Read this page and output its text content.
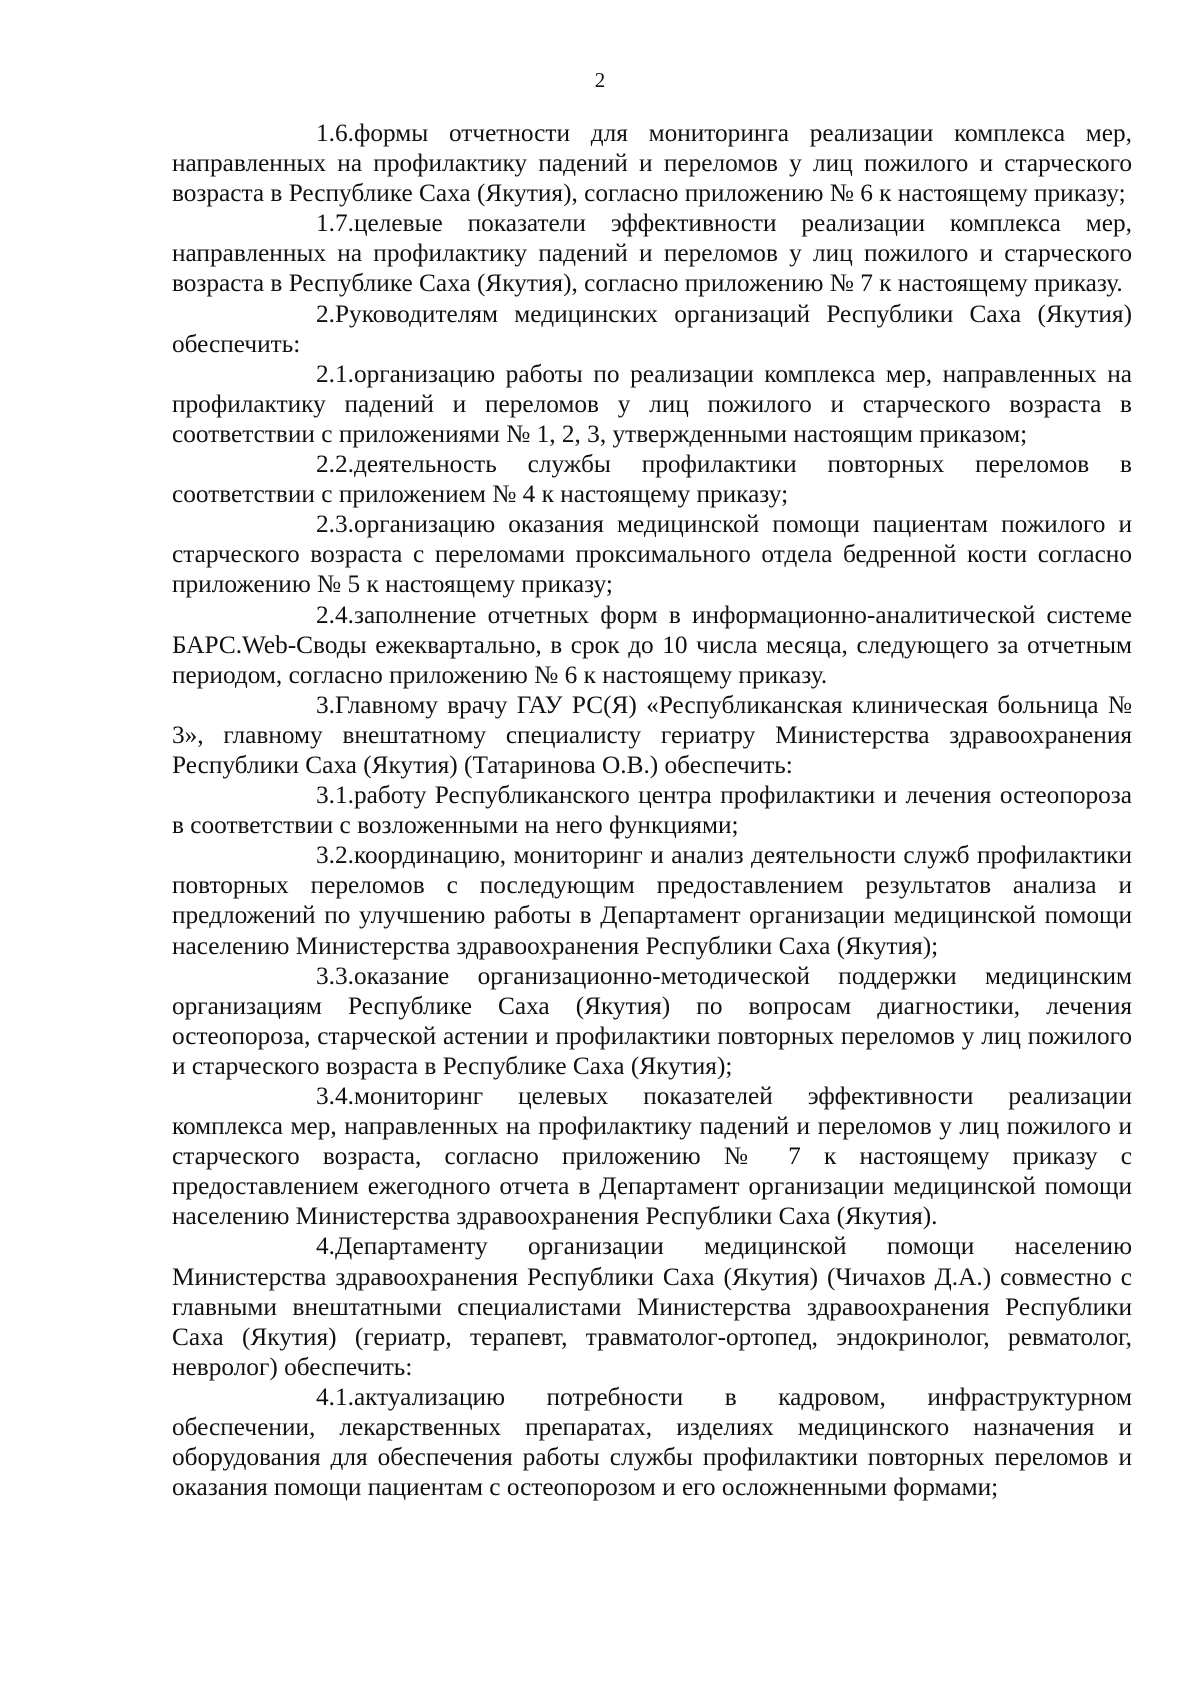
2

1.6.формы отчетности для мониторинга реализации комплекса мер, направленных на профилактику падений и переломов у лиц пожилого и старческого возраста в Республике Саха (Якутия), согласно приложению № 6 к настоящему приказу;

1.7.целевые показатели эффективности реализации комплекса мер, направленных на профилактику падений и переломов у лиц пожилого и старческого возраста в Республике Саха (Якутия), согласно приложению № 7 к настоящему приказу.

2.Руководителям медицинских организаций Республики Саха (Якутия) обеспечить:

2.1.организацию работы по реализации комплекса мер, направленных на профилактику падений и переломов у лиц пожилого и старческого возраста в соответствии с приложениями № 1, 2, 3, утвержденными настоящим приказом;

2.2.деятельность службы профилактики повторных переломов в соответствии с приложением № 4 к настоящему приказу;

2.3.организацию оказания медицинской помощи пациентам пожилого и старческого возраста с переломами проксимального отдела бедренной кости согласно приложению № 5 к настоящему приказу;

2.4.заполнение отчетных форм в информационно-аналитической системе БАРС.Web-Своды ежеквартально, в срок до 10 числа месяца, следующего за отчетным периодом, согласно приложению № 6 к настоящему приказу.

3.Главному врачу ГАУ РС(Я) «Республиканская клиническая больница № 3», главному внештатному специалисту гериатру Министерства здравоохранения Республики Саха (Якутия) (Татаринова О.В.) обеспечить:

3.1.работу Республиканского центра профилактики и лечения остеопороза в соответствии с возложенными на него функциями;

3.2.координацию, мониторинг и анализ деятельности служб профилактики повторных переломов с последующим предоставлением результатов анализа и предложений по улучшению работы в Департамент организации медицинской помощи населению Министерства здравоохранения Республики Саха (Якутия);

3.3.оказание организационно-методической поддержки медицинским организациям Республике Саха (Якутия) по вопросам диагностики, лечения остеопороза, старческой астении и профилактики повторных переломов у лиц пожилого и старческого возраста в Республике Саха (Якутия);

3.4.мониторинг целевых показателей эффективности реализации комплекса мер, направленных на профилактику падений и переломов у лиц пожилого и старческого возраста, согласно приложению № 7 к настоящему приказу с предоставлением ежегодного отчета в Департамент организации медицинской помощи населению Министерства здравоохранения Республики Саха (Якутия).

4.Департаменту организации медицинской помощи населению Министерства здравоохранения Республики Саха (Якутия) (Чичахов Д.А.) совместно с главными внештатными специалистами Министерства здравоохранения Республики Саха (Якутия) (гериатр, терапевт, травматолог-ортопед, эндокринолог, ревматолог, невролог) обеспечить:

4.1.актуализацию потребности в кадровом, инфраструктурном обеспечении, лекарственных препаратах, изделиях медицинского назначения и оборудования для обеспечения работы службы профилактики повторных переломов и оказания помощи пациентам с остеопорозом и его осложненными формами;
